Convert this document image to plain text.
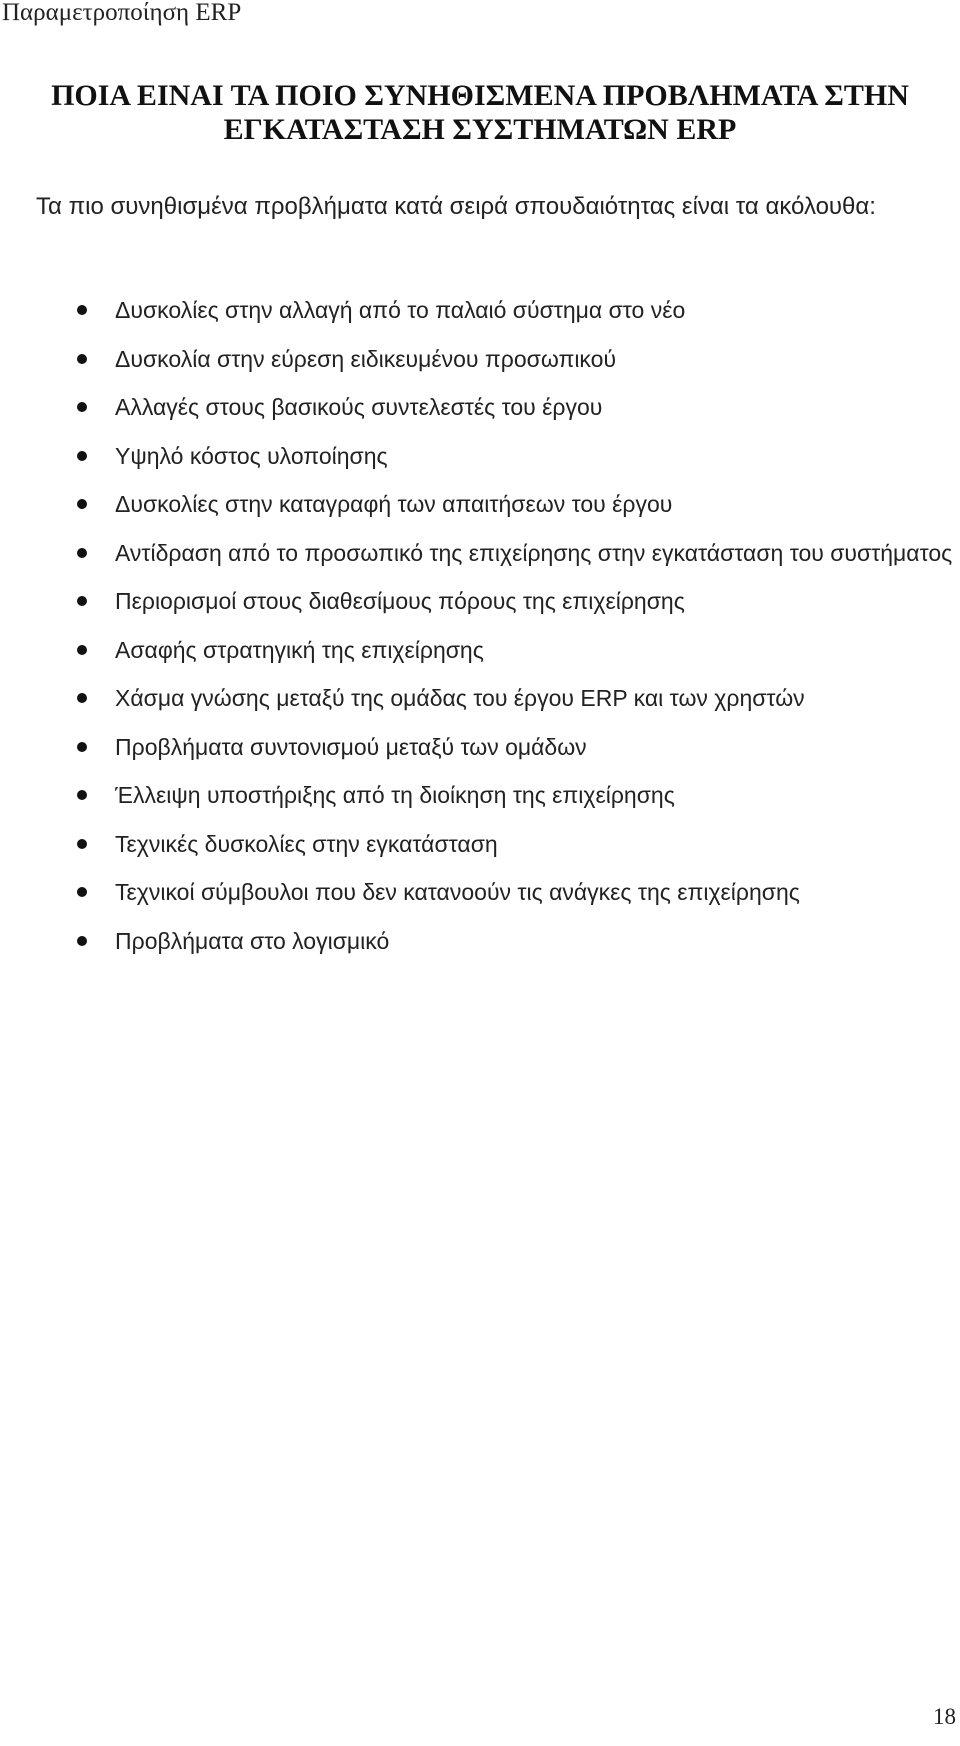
Παραμετροποίηση ERP
ΠΟΙΑ ΕΙΝΑΙ ΤΑ ΠΟΙΟ ΣΥΝΗΘΙΣΜΕΝΑ ΠΡΟΒΛΗΜΑΤΑ ΣΤΗΝ
ΕΓΚΑΤΑΣΤΑΣΗ ΣΥΣΤΗΜΑΤΩΝ ERP
Τα πιο συνηθισμένα προβλήματα κατά σειρά σπουδαιότητας είναι τα ακόλουθα:
Δυσκολίες στην αλλαγή από το παλαιό σύστημα στο νέο
Δυσκολία στην εύρεση ειδικευμένου προσωπικού
Αλλαγές στους βασικούς συντελεστές του έργου
Υψηλό κόστος υλοποίησης
Δυσκολίες στην καταγραφή των απαιτήσεων του έργου
Αντίδραση από το προσωπικό της επιχείρησης στην εγκατάσταση του συστήματος
Περιορισμοί στους διαθεσίμους πόρους της επιχείρησης
Ασαφής στρατηγική της επιχείρησης
Χάσμα γνώσης μεταξύ της ομάδας του έργου ERP και των χρηστών
Προβλήματα συντονισμού μεταξύ των ομάδων
Έλλειψη υποστήριξης από τη διοίκηση της επιχείρησης
Τεχνικές δυσκολίες στην εγκατάσταση
Τεχνικοί σύμβουλοι που δεν κατανοούν τις ανάγκες της επιχείρησης
Προβλήματα στο λογισμικό
18
